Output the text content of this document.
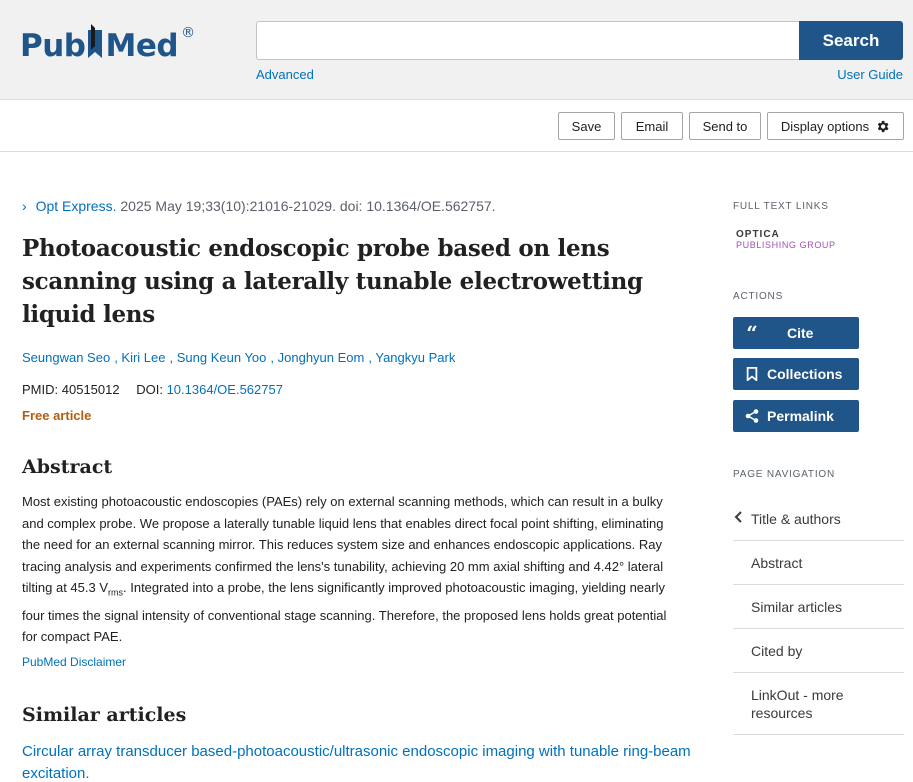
Pub Med ®	Search
Advanced	User Guide
Save	Email	Send to	Display options
› Opt Express. 2025 May 19;33(10):21016-21029. doi: 10.1364/OE.562757.
Photoacoustic endoscopic probe based on lens scanning using a laterally tunable electrowetting liquid lens
Seungwan Seo , Kiri Lee , Sung Keun Yoo , Jonghyun Eom , Yangkyu Park
PMID: 40515012 DOI: 10.1364/OE.562757
Free article
Abstract
Most existing photoacoustic endoscopies (PAEs) rely on external scanning methods, which can result in a bulky and complex probe. We propose a laterally tunable liquid lens that enables direct focal point shifting, eliminating the need for an external scanning mirror. This reduces system size and enhances endoscopic applications. Ray tracing analysis and experiments confirmed the lens's tunability, achieving 20 mm axial shifting and 4.42° lateral tilting at 45.3 $V_{rms}$. Integrated into a probe, the lens significantly improved photoacoustic imaging, yielding nearly four times the signal intensity of conventional stage scanning. Therefore, the proposed lens holds great potential for compact PAE.
PubMed Disclaimer
Similar articles
Circular array transducer based-photoacoustic/ultrasonic endoscopic imaging with tunable ring-beam excitation.
FULL TEXT LINKS
OPTICA
PUBLISHING GROUP
ACTIONS
“ Cite
Collections
Permalink
PAGE NAVIGATION
Title & authors
Abstract
Similar articles
Cited by
LinkOut - more resources
